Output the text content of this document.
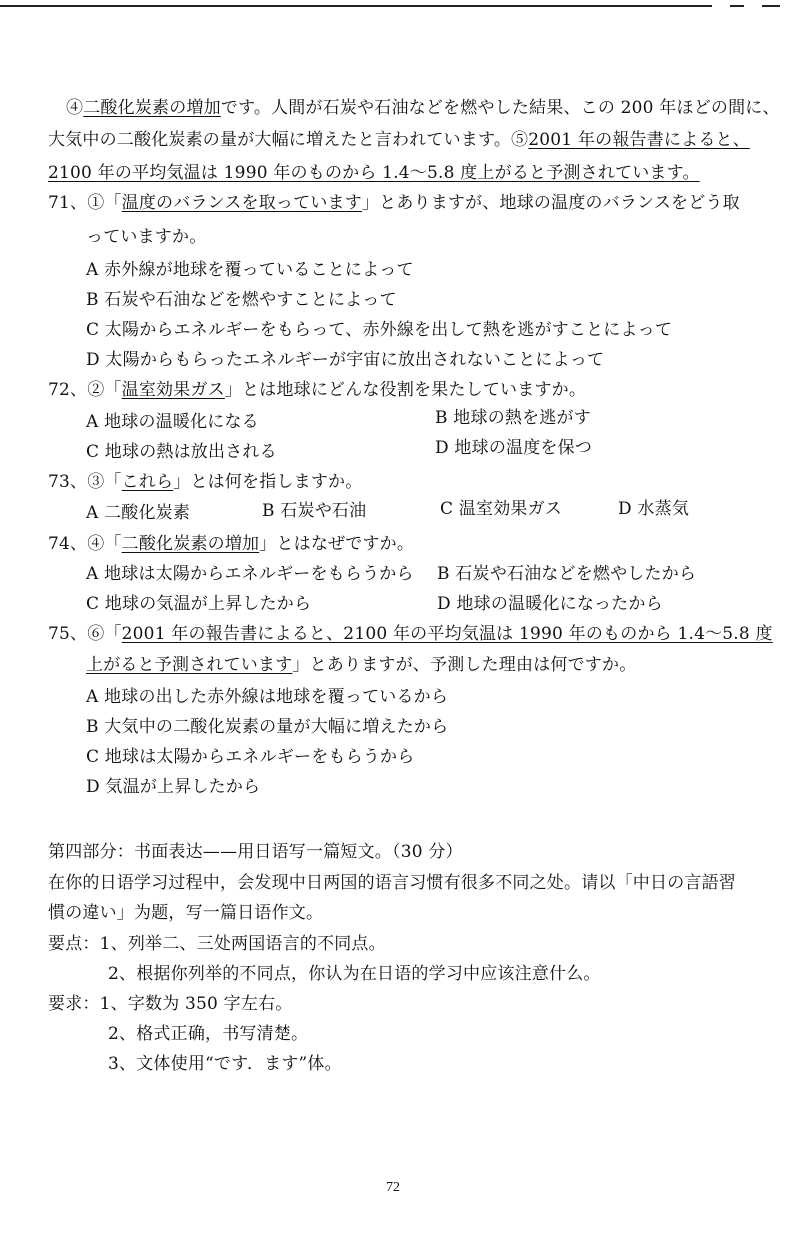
④二酸化炭素の増加です。人間が石炭や石油などを燃やした結果、この 200 年ほどの間に、
大気中の二酸化炭素の量が大幅に増えたと言われています。⑤2001 年の報告書によると、
2100 年の平均気温は 1990 年のものから 1.4～5.8 度上がると予測されています。
71、①「温度のバランスを取っています」とありますが、地球の温度のバランスをどう取
っていますか。
A 赤外線が地球を覆っていることによって
B 石炭や石油などを燃やすことによって
C 太陽からエネルギーをもらって、赤外線を出して熱を逃がすことによって
D 太陽からもらったエネルギーが宇宙に放出されないことによって
72、②「温室効果ガス」とは地球にどんな役割を果たしていますか。
A 地球の温暖化になる	B 地球の熱を逃がす
C 地球の熱は放出される	D 地球の温度を保つ
73、③「これら」とは何を指しますか。
A 二酸化炭素	B 石炭や石油	C 温室効果ガス	D 水蒸気
74、④「二酸化炭素の増加」とはなぜですか。
A 地球は太陽からエネルギーをもらうから B 石炭や石油などを燃やしたから
C 地球の気温が上昇したから	D 地球の温暖化になったから
75、⑥「2001 年の報告書によると、2100 年の平均気温は 1990 年のものから 1.4～5.8 度
上がると予測されています」とありますが、予測した理由は何ですか。
A 地球の出した赤外線は地球を覆っているから
B 大気中の二酸化炭素の量が大幅に増えたから
C 地球は太陽からエネルギーをもらうから
D 気温が上昇したから
第四部分：书面表达——用日语写一篇短文。（30 分）
在你的日语学习过程中，会发现中日两国的语言习惯有很多不同之处。请以「中日の言語習
慣の違い」为题，写一篇日语作文。
要点：1、列举二、三处两国语言的不同点。
2、根据你列举的不同点，你认为在日语的学习中应该注意什么。
要求：1、字数为 350 字左右。
2、格式正确，书写清楚。
3、文体使用“です．ます”体。
72
